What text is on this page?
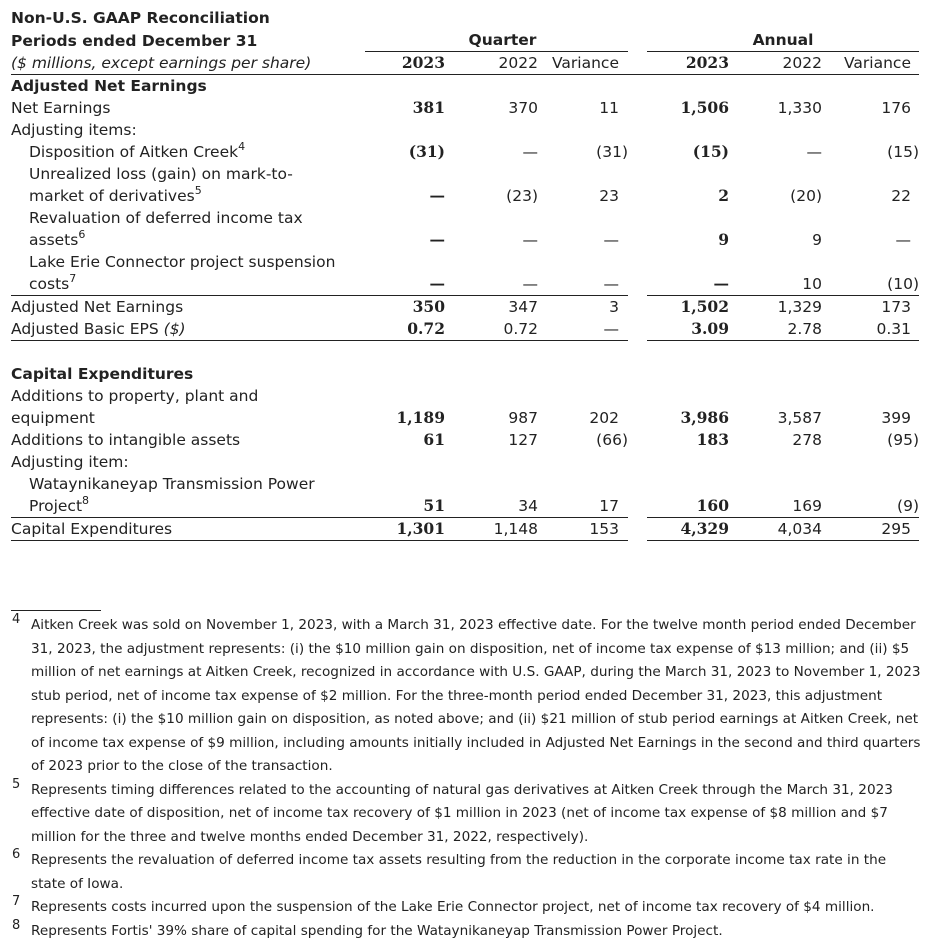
Non-U.S. GAAP Reconciliation							
Periods ended December 31	Quarter				Annual		
($ millions, except earnings per share)	2023	2022	Variance		2023	2022	Variance
Adjusted Net Earnings							
Net Earnings	381	370	11		1,506	1,330	176
Adjusting items:							
Disposition of Aitken Creek$^4$	(31)	—	(31)		(15)	—	(15)
Unrealized loss (gain) on mark-to-
market of derivatives$^5$	—	(23)	23		2	(20)	22
Revaluation of deferred income tax
assets$^6$	—	—	—		9	9	—
Lake Erie Connector project suspension
costs$^7$	—	—	—		—	10	(10)
Adjusted Net Earnings	350	347	3		1,502	1,329	173
Adjusted Basic EPS ($)	0.72	0.72	—		3.09	2.78	0.31

Capital Expenditures							
Additions to property, plant and
equipment	1,189	987	202		3,986	3,587	399
Additions to intangible assets	61	127	(66)		183	278	(95)
Adjusting item:							
Wataynikaneyap Transmission Power
Project$^8$	51	34	17		160	169	(9)
Capital Expenditures	1,301	1,148	153		4,329	4,034	295
4 Aitken Creek was sold on November 1, 2023, with a March 31, 2023 effective date. For the twelve month period ended December 31, 2023, the adjustment represents: (i) the $10 million gain on disposition, net of income tax expense of $13 million; and (ii) $5 million of net earnings at Aitken Creek, recognized in accordance with U.S. GAAP, during the March 31, 2023 to November 1, 2023 stub period, net of income tax expense of $2 million. For the three-month period ended December 31, 2023, this adjustment represents: (i) the $10 million gain on disposition, as noted above; and (ii) $21 million of stub period earnings at Aitken Creek, net of income tax expense of $9 million, including amounts initially included in Adjusted Net Earnings in the second and third quarters of 2023 prior to the close of the transaction.
5 Represents timing differences related to the accounting of natural gas derivatives at Aitken Creek through the March 31, 2023 effective date of disposition, net of income tax recovery of $1 million in 2023 (net of income tax expense of $8 million and $7 million for the three and twelve months ended December 31, 2022, respectively).
6 Represents the revaluation of deferred income tax assets resulting from the reduction in the corporate income tax rate in the state of Iowa.
7 Represents costs incurred upon the suspension of the Lake Erie Connector project, net of income tax recovery of $4 million.
8 Represents Fortis' 39% share of capital spending for the Wataynikaneyap Transmission Power Project.
